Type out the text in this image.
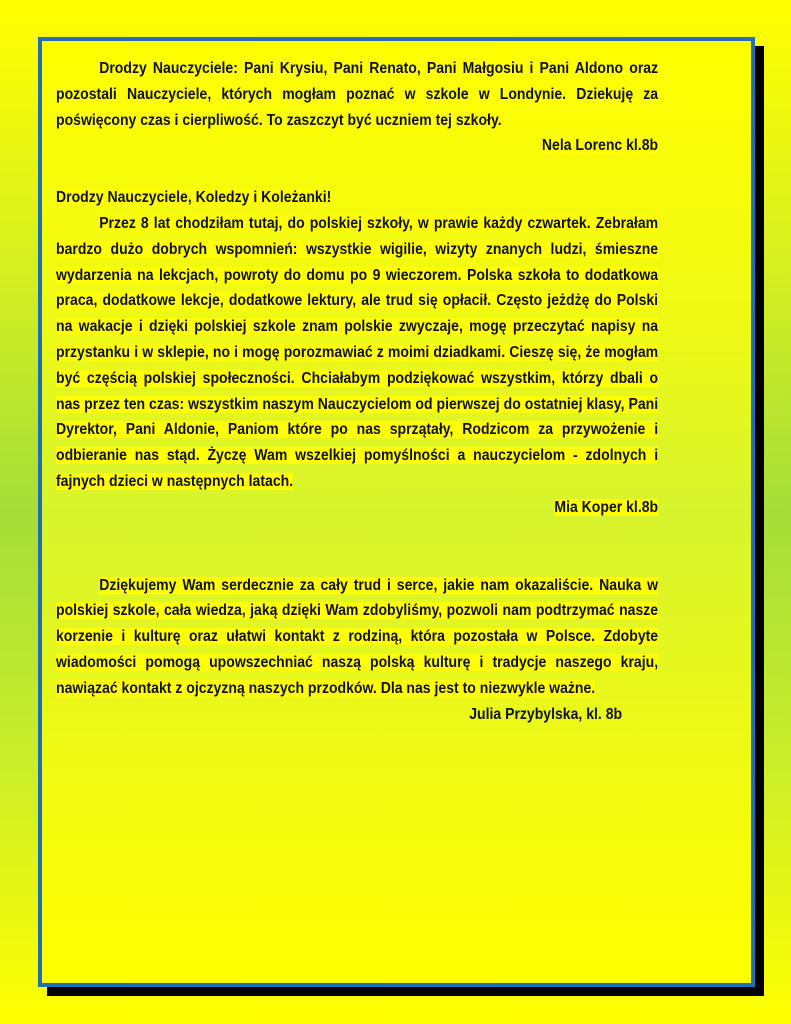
Drodzy Nauczyciele: Pani Krysiu, Pani Renato, Pani Małgosiu i Pani Aldono oraz pozostali Nauczyciele, których mogłam poznać w szkole w Londynie. Dziekuję za poświęcony czas i cierpliwość. To zaszczyt być uczniem tej szkoły.

Nela Lorenc kl.8b

Drodzy Nauczyciele, Koledzy i Koleżanki!

Przez 8 lat chodziłam tutaj, do polskiej szkoły, w prawie każdy czwartek. Zebrałam bardzo dużo dobrych wspomnień: wszystkie wigilie, wizyty znanych ludzi, śmieszne wydarzenia na lekcjach, powroty do domu po 9 wieczorem. Polska szkoła to dodatkowa praca, dodatkowe lekcje, dodatkowe lektury, ale trud się opłacił. Często jeżdżę do Polski na wakacje i dzięki polskiej szkole znam polskie zwyczaje, mogę przeczytać napisy na przystanku i w sklepie, no i mogę porozmawiać z moimi dziadkami. Cieszę się, że mogłam być częścią polskiej społeczności. Chciałabym podziękować wszystkim, którzy dbali o nas przez ten czas: wszystkim naszym Nauczycielom od pierwszej do ostatniej klasy, Pani Dyrektor, Pani Aldonie, Paniom które po nas sprzątały, Rodzicom za przywożenie i odbieranie nas stąd. Życzę Wam wszelkiej pomyślności a nauczycielom - zdolnych i fajnych dzieci w następnych latach.

Mia Koper kl.8b

Dziękujemy Wam serdecznie za cały trud i serce, jakie nam okazaliście. Nauka w polskiej szkole, cała wiedza, jaką dzięki Wam zdobyliśmy, pozwoli nam podtrzymać nasze korzenie i kulturę oraz ułatwi kontakt z rodziną, która pozostała w Polsce. Zdobyte wiadomości pomogą upowszechniać naszą polską kulturę i tradycje naszego kraju, nawiązać kontakt z ojczyzną naszych przodków. Dla nas jest to niezwykle ważne.

Julia Przybylska, kl. 8b
